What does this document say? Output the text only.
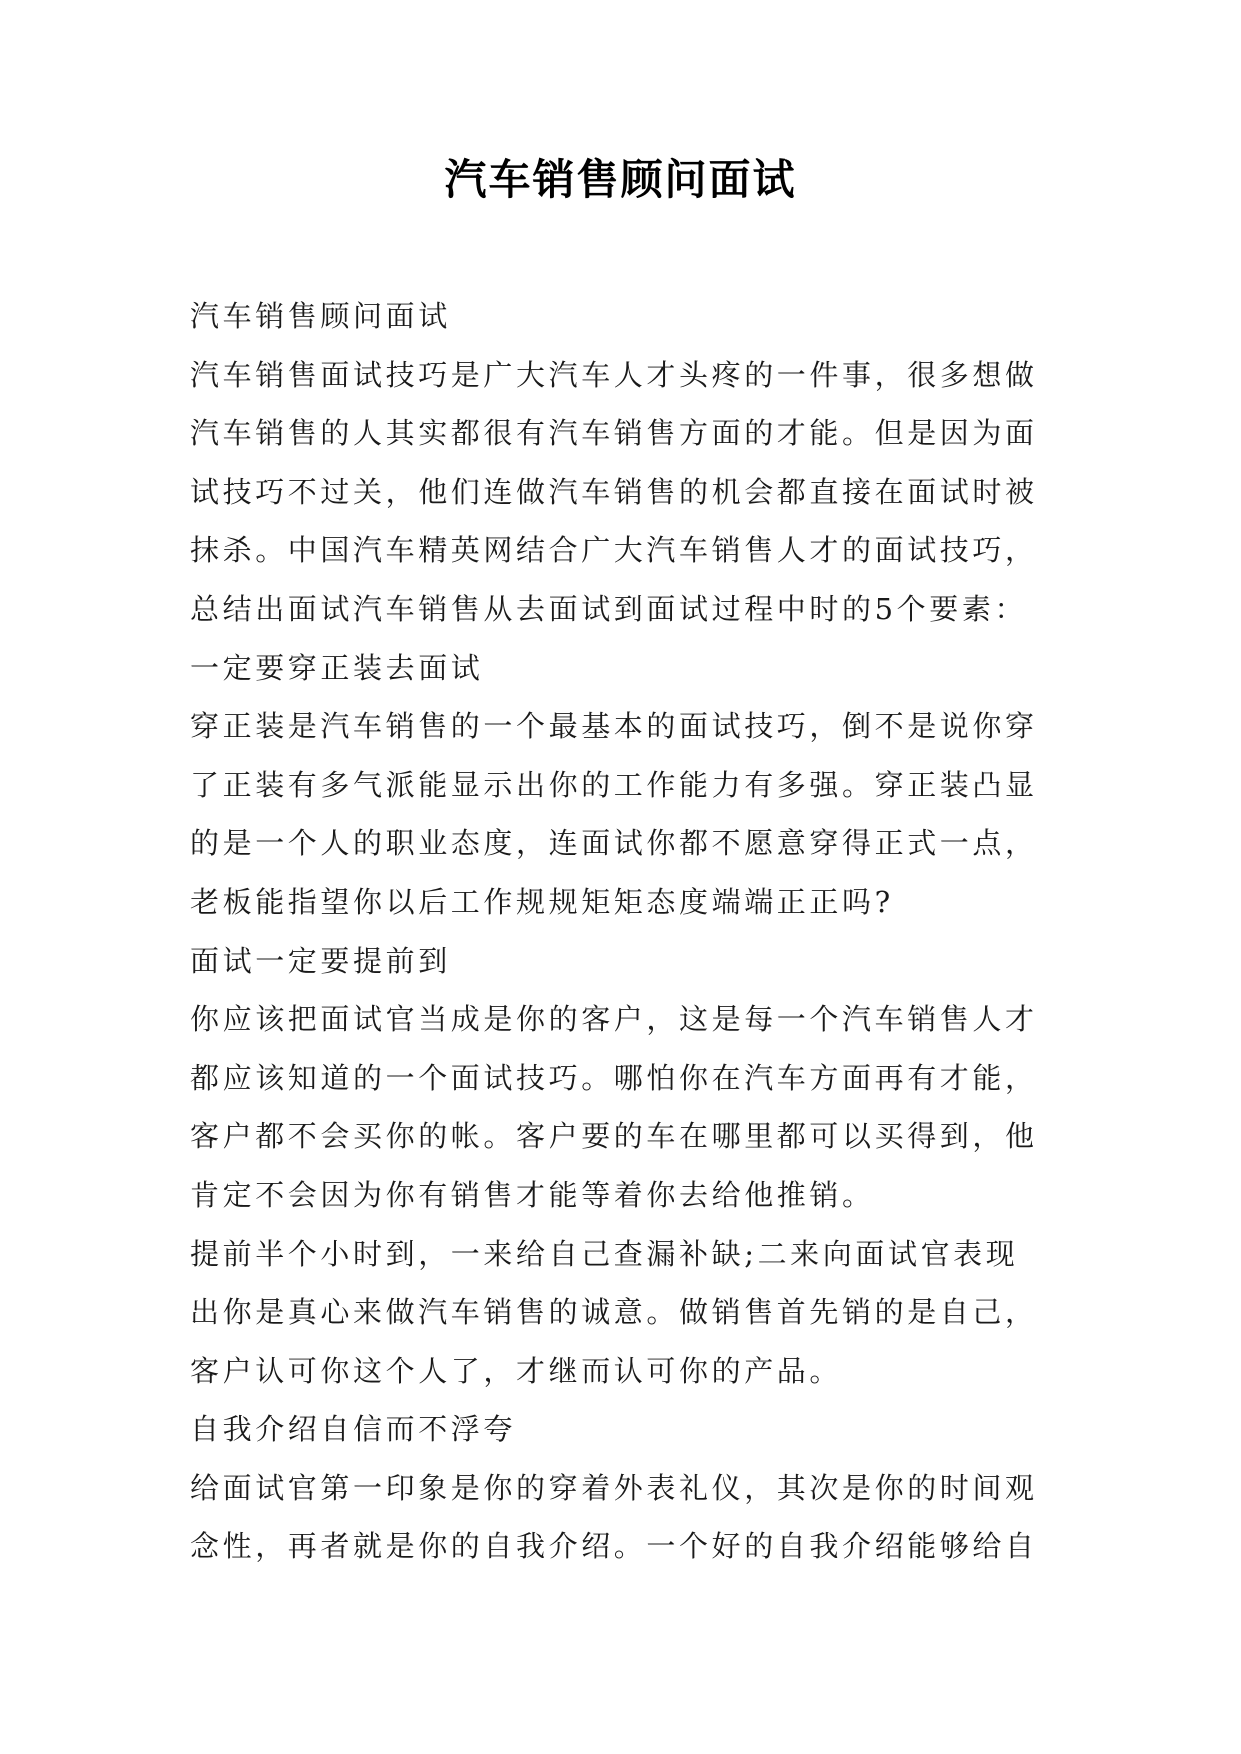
汽车销售顾问面试
汽车销售顾问面试
汽车销售面试技巧是广大汽车人才头疼的一件事，很多想做
汽车销售的人其实都很有汽车销售方面的才能。但是因为面
试技巧不过关，他们连做汽车销售的机会都直接在面试时被
抹杀。中国汽车精英网结合广大汽车销售人才的面试技巧，
总结出面试汽车销售从去面试到面试过程中时的5个要素：
一定要穿正装去面试
穿正装是汽车销售的一个最基本的面试技巧，倒不是说你穿
了正装有多气派能显示出你的工作能力有多强。穿正装凸显
的是一个人的职业态度，连面试你都不愿意穿得正式一点，
老板能指望你以后工作规规矩矩态度端端正正吗?
面试一定要提前到
你应该把面试官当成是你的客户，这是每一个汽车销售人才
都应该知道的一个面试技巧。哪怕你在汽车方面再有才能，
客户都不会买你的帐。客户要的车在哪里都可以买得到，他
肯定不会因为你有销售才能等着你去给他推销。
提前半个小时到，一来给自己查漏补缺;二来向面试官表现
出你是真心来做汽车销售的诚意。做销售首先销的是自己，
客户认可你这个人了，才继而认可你的产品。
自我介绍自信而不浮夸
给面试官第一印象是你的穿着外表礼仪，其次是你的时间观
念性，再者就是你的自我介绍。一个好的自我介绍能够给自
